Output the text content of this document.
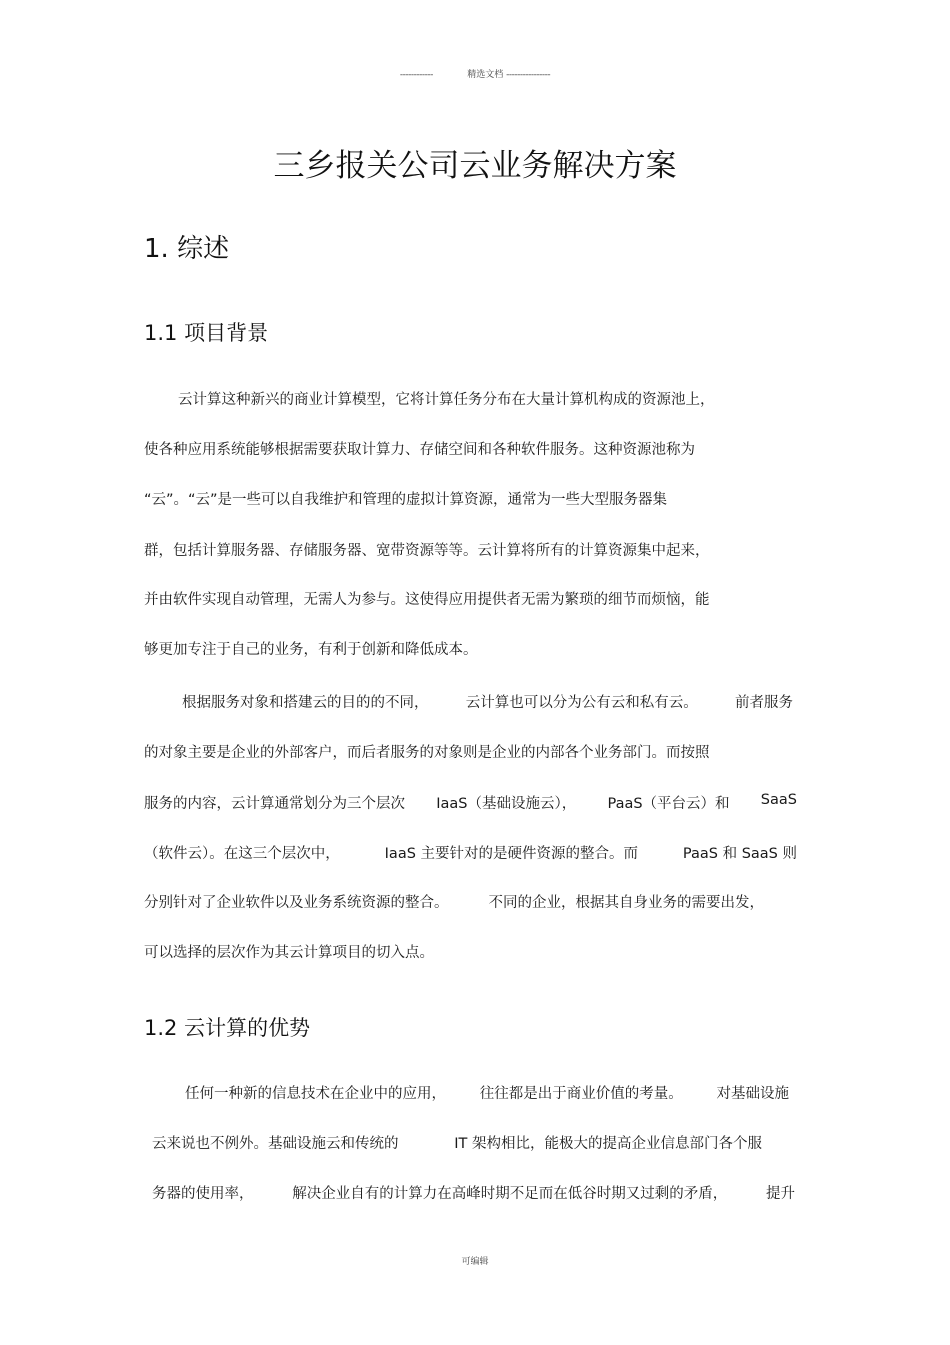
------------	精选文档 ----------------
三乡报关公司云业务解决方案
1. 综述
1.1 项目背景
云计算这种新兴的商业计算模型，它将计算任务分布在大量计算机构成的资源池上，
使各种应用系统能够根据需要获取计算力、存储空间和各种软件服务。这种资源池称为
“云”。“云”是一些可以自我维护和管理的虚拟计算资源，通常为一些大型服务器集
群，包括计算服务器、存储服务器、宽带资源等等。云计算将所有的计算资源集中起来，
并由软件实现自动管理，无需人为参与。这使得应用提供者无需为繁琐的细节而烦恼，能
够更加专注于自己的业务，有利于创新和降低成本。
根据服务对象和搭建云的目的的不同，	云计算也可以分为公有云和私有云。	前者服务
的对象主要是企业的外部客户，而后者服务的对象则是企业的内部各个业务部门。而按照
服务的内容，云计算通常划分为三个层次 IaaS（基础设施云）， PaaS（平台云）和 SaaS
（软件云）。在这三个层次中，	IaaS 主要针对的是硬件资源的整合。而	PaaS 和 SaaS 则
分别针对了企业软件以及业务系统资源的整合。	不同的企业，根据其自身业务的需要出发，
可以选择的层次作为其云计算项目的切入点。
1.2 云计算的优势
任何一种新的信息技术在企业中的应用， 往往都是出于商业价值的考量。 对基础设施
云来说也不例外。基础设施云和传统的	IT 架构相比，能极大的提高企业信息部门各个服
务器的使用率，	解决企业自有的计算力在高峰时期不足而在低谷时期又过剩的矛盾，	提升
可编辑
